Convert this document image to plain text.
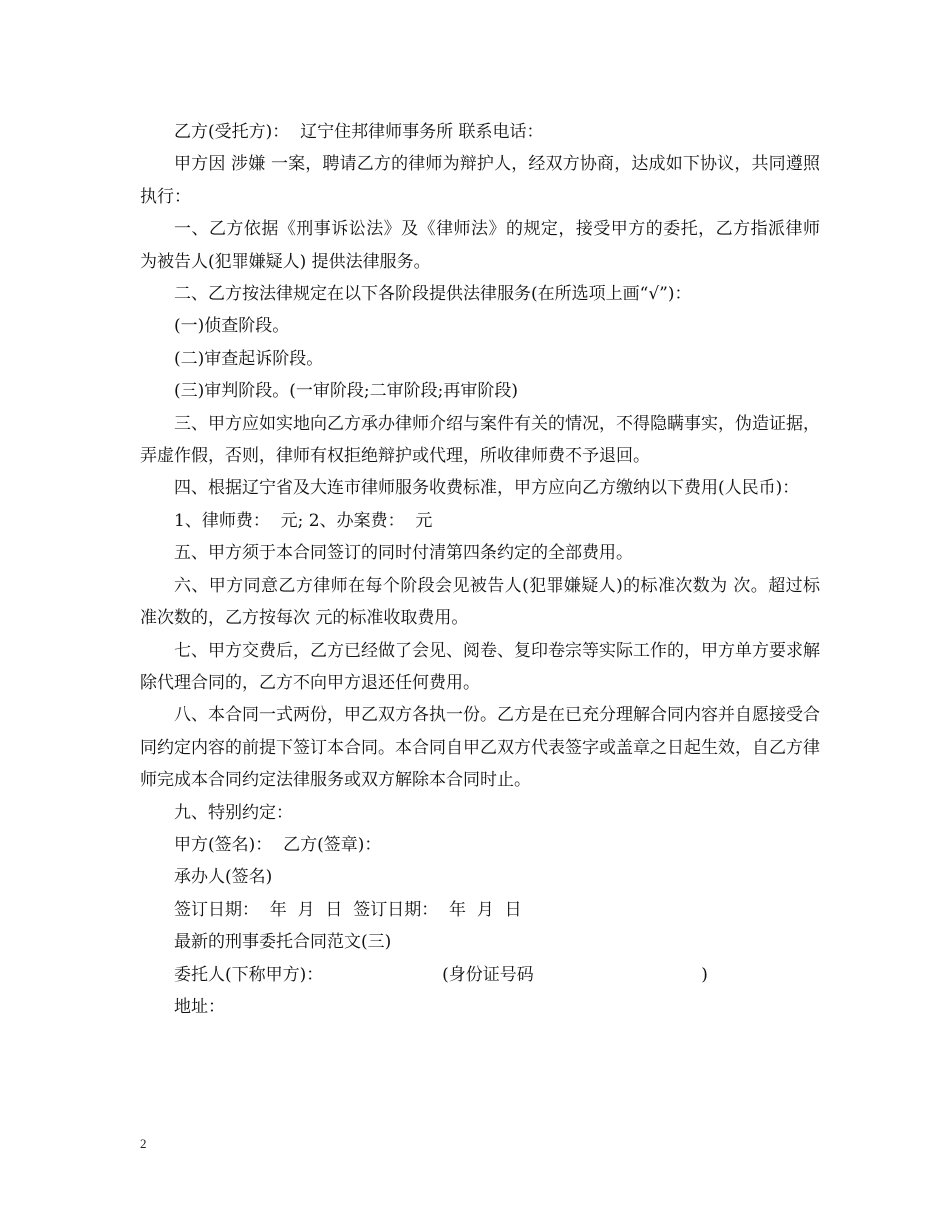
乙方(受托方)：  辽宁住邦律师事务所 联系电话：

甲方因 涉嫌 一案，聘请乙方的律师为辩护人，经双方协商，达成如下协议，共同遵照执行：

一、乙方依据《刑事诉讼法》及《律师法》的规定，接受甲方的委托，乙方指派律师 为被告人(犯罪嫌疑人) 提供法律服务。

二、乙方按法律规定在以下各阶段提供法律服务(在所选项上画“√”)：

(一)侦查阶段。

(二)审查起诉阶段。

(三)审判阶段。(一审阶段;二审阶段;再审阶段)

三、甲方应如实地向乙方承办律师介绍与案件有关的情况，不得隐瞒事实，伪造证据，弄虚作假，否则，律师有权拒绝辩护或代理，所收律师费不予退回。

四、根据辽宁省及大连市律师服务收费标准，甲方应向乙方缴纳以下费用(人民币)：

1、律师费：  元; 2、办案费：  元

五、甲方须于本合同签订的同时付清第四条约定的全部费用。

六、甲方同意乙方律师在每个阶段会见被告人(犯罪嫌疑人)的标准次数为 次。超过标准次数的，乙方按每次 元的标准收取费用。

七、甲方交费后，乙方已经做了会见、阅卷、复印卷宗等实际工作的，甲方单方要求解除代理合同的，乙方不向甲方退还任何费用。

八、本合同一式两份，甲乙双方各执一份。乙方是在已充分理解合同内容并自愿接受合同约定内容的前提下签订本合同。本合同自甲乙双方代表签字或盖章之日起生效，自乙方律师完成本合同约定法律服务或双方解除本合同时止。

九、特别约定：

甲方(签名)：  乙方(签章)：

承办人(签名)

签订日期：  年  月  日  签订日期：  年  月  日

最新的刑事委托合同范文(三)

委托人(下称甲方)：                      (身份证号码                               )

地址：

2
